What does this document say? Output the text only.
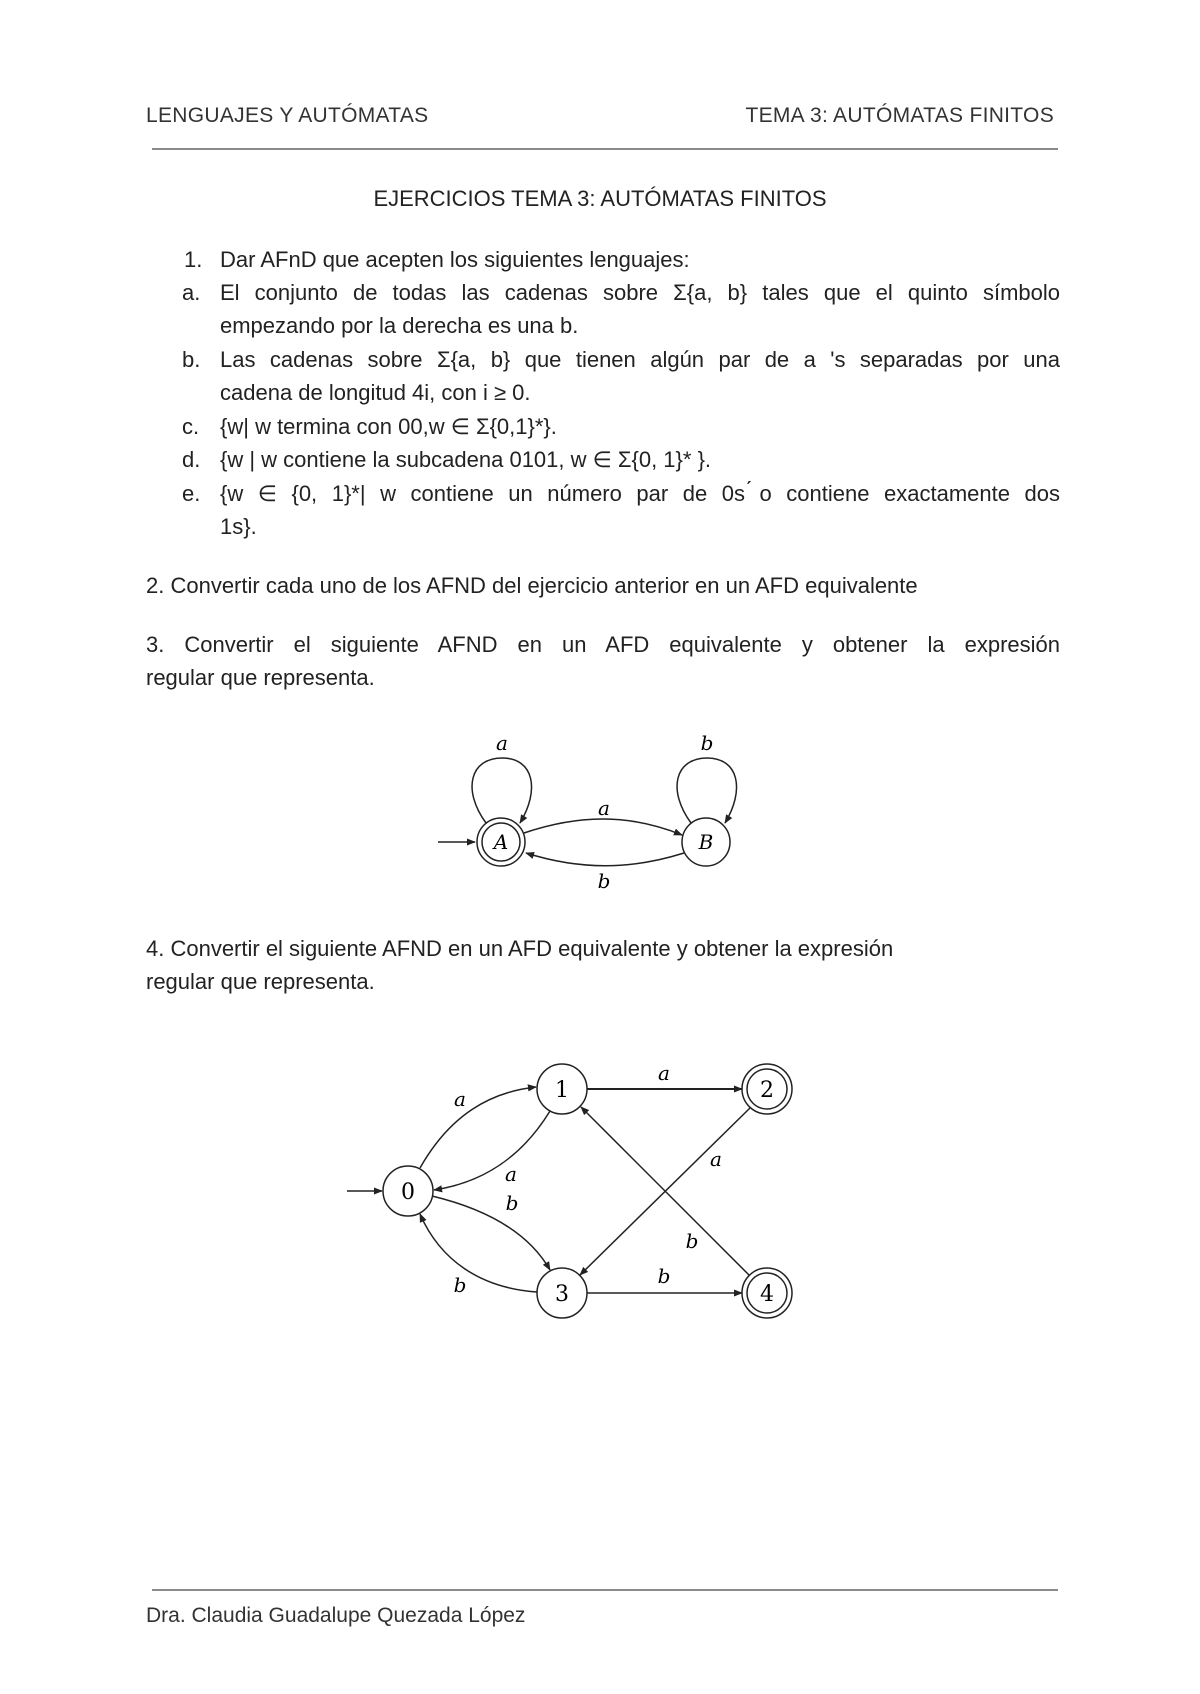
LENGUAJES Y AUTÓMATAS	TEMA 3: AUTÓMATAS FINITOS
EJERCICIOS TEMA 3: AUTÓMATAS FINITOS
1. Dar AFnD que acepten los siguientes lenguajes:
a. El conjunto de todas las cadenas sobre Σ{a, b} tales que el quinto símbolo
empezando por la derecha es una b.
b. Las cadenas sobre Σ{a, b} que tienen algún par de a 's separadas por una
cadena de longitud 4i, con i ≥ 0.
c. {w| w termina con 00,w ∈ Σ{0,1}*}.
d. {w | w contiene la subcadena 0101, w ∈ Σ{0, 1}* }.
e. {w ∈ {0, 1}*| w contiene un número par de 0s ́o contiene exactamente dos
1s}.
2. Convertir cada uno de los AFND del ejercicio anterior en un AFD equivalente
3. Convertir el siguiente AFND en un AFD equivalente y obtener la expresión
regular que representa.
A	B
a	b
a
b
0
1	2
3	4
a
a
b
b
a
a
b
b
4. Convertir el siguiente AFND en un AFD equivalente y obtener la expresión
regular que representa.
Dra. Claudia Guadalupe Quezada López
